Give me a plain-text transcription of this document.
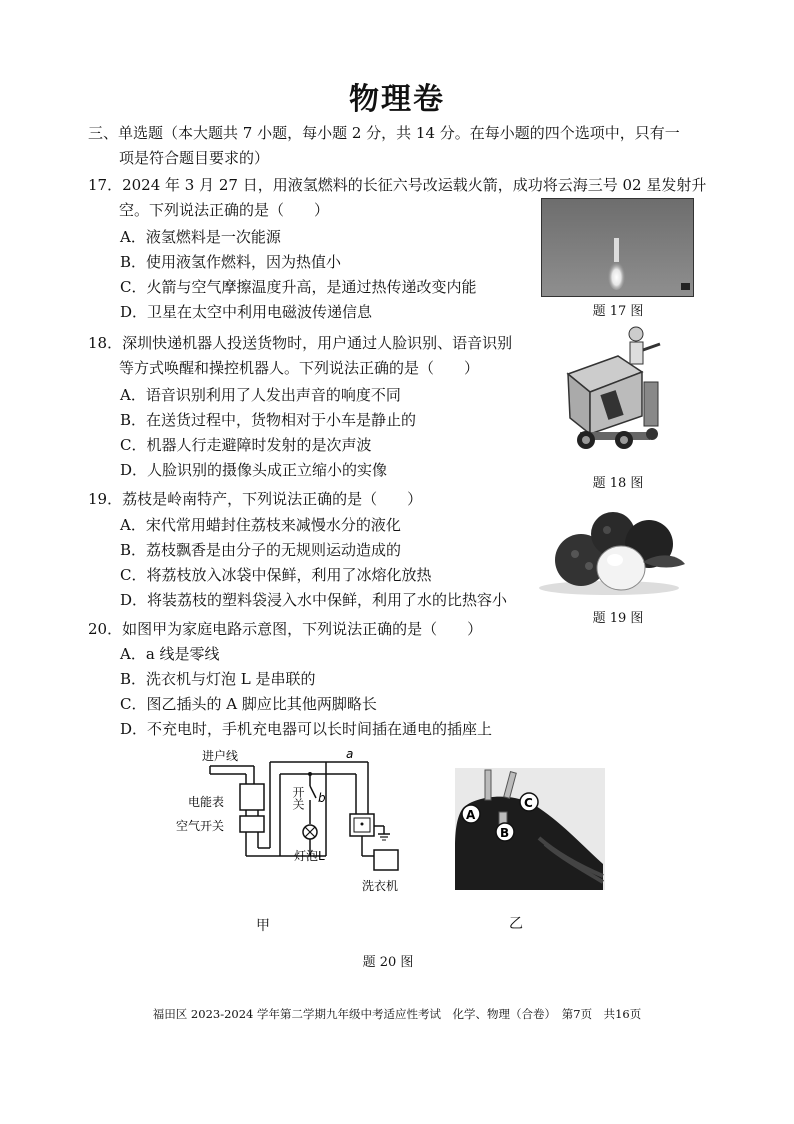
物理卷
三、单选题（本大题共 7 小题，每小题 2 分，共 14 分。在每小题的四个选项中，只有一
项是符合题目要求的）
17．2024 年 3 月 27 日，用液氢燃料的长征六号改运载火箭，成功将云海三号 02 星发射升
空。下列说法正确的是（　　）
A．液氢燃料是一次能源
B．使用液氢作燃料，因为热值小
C．火箭与空气摩擦温度升高，是通过热传递改变内能
D．卫星在太空中利用电磁波传递信息	题 17 图
18．深圳快递机器人投送货物时，用户通过人脸识别、语音识别
等方式唤醒和操控机器人。下列说法正确的是（　　）
A．语音识别利用了人发出声音的响度不同
B．在送货过程中，货物相对于小车是静止的
C．机器人行走避障时发射的是次声波
D．人脸识别的摄像头成正立缩小的实像
题 18 图
19．荔枝是岭南特产，下列说法正确的是（　　）
A．宋代常用蜡封住荔枝来减慢水分的液化
B．荔枝飘香是由分子的无规则运动造成的
C．将荔枝放入冰袋中保鲜，利用了冰熔化放热
D．将装荔枝的塑料袋浸入水中保鲜，利用了水的比热容小
题 19 图
20．如图甲为家庭电路示意图，下列说法正确的是（　　）
A．a 线是零线
B．洗衣机与灯泡 L 是串联的
C．图乙插头的 A 脚应比其他两脚略长
D．不充电时，手机充电器可以长时间插在通电的插座上
进户线
电能表
空气开关
b
a
灯泡L
洗衣机
开关
A
C
B
甲	乙
题 20 图
福田区 2023-2024 学年第二学期九年级中考适应性考试　化学、物理（合卷）　第7页　共16页
